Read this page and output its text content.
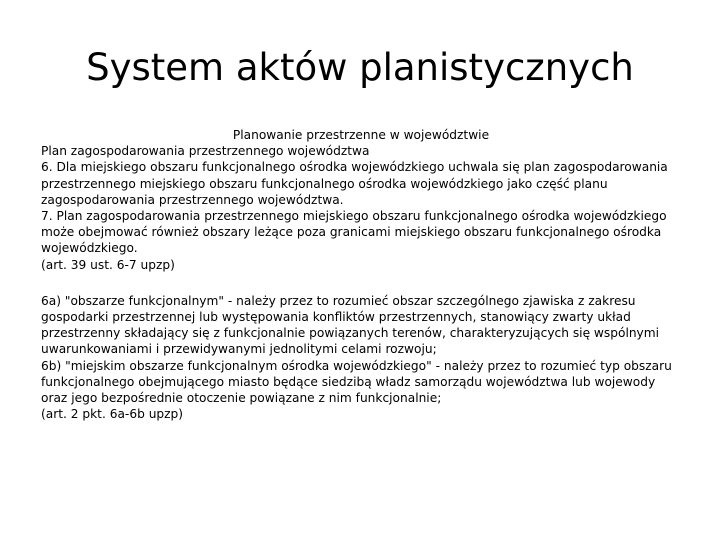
System aktów planistycznych

Planowanie przestrzenne w województwie

Plan zagospodarowania przestrzennego województwa

6. Dla miejskiego obszaru funkcjonalnego ośrodka wojewódzkiego uchwala się plan zagospodarowania przestrzennego miejskiego obszaru funkcjonalnego ośrodka wojewódzkiego jako część planu zagospodarowania przestrzennego województwa.

7. Plan zagospodarowania przestrzennego miejskiego obszaru funkcjonalnego ośrodka wojewódzkiego może obejmować również obszary leżące poza granicami miejskiego obszaru funkcjonalnego ośrodka wojewódzkiego.

(art. 39 ust. 6-7 upzp)

6a) "obszarze funkcjonalnym" - należy przez to rozumieć obszar szczególnego zjawiska z zakresu gospodarki przestrzennej lub występowania konfliktów przestrzennych, stanowiący zwarty układ przestrzenny składający się z funkcjonalnie powiązanych terenów, charakteryzujących się wspólnymi uwarunkowaniami i przewidywanymi jednolitymi celami rozwoju;

6b) "miejskim obszarze funkcjonalnym ośrodka wojewódzkiego" - należy przez to rozumieć typ obszaru funkcjonalnego obejmującego miasto będące siedzibą władz samorządu województwa lub wojewody oraz jego bezpośrednie otoczenie powiązane z nim funkcjonalnie;

(art. 2 pkt. 6a-6b upzp)
